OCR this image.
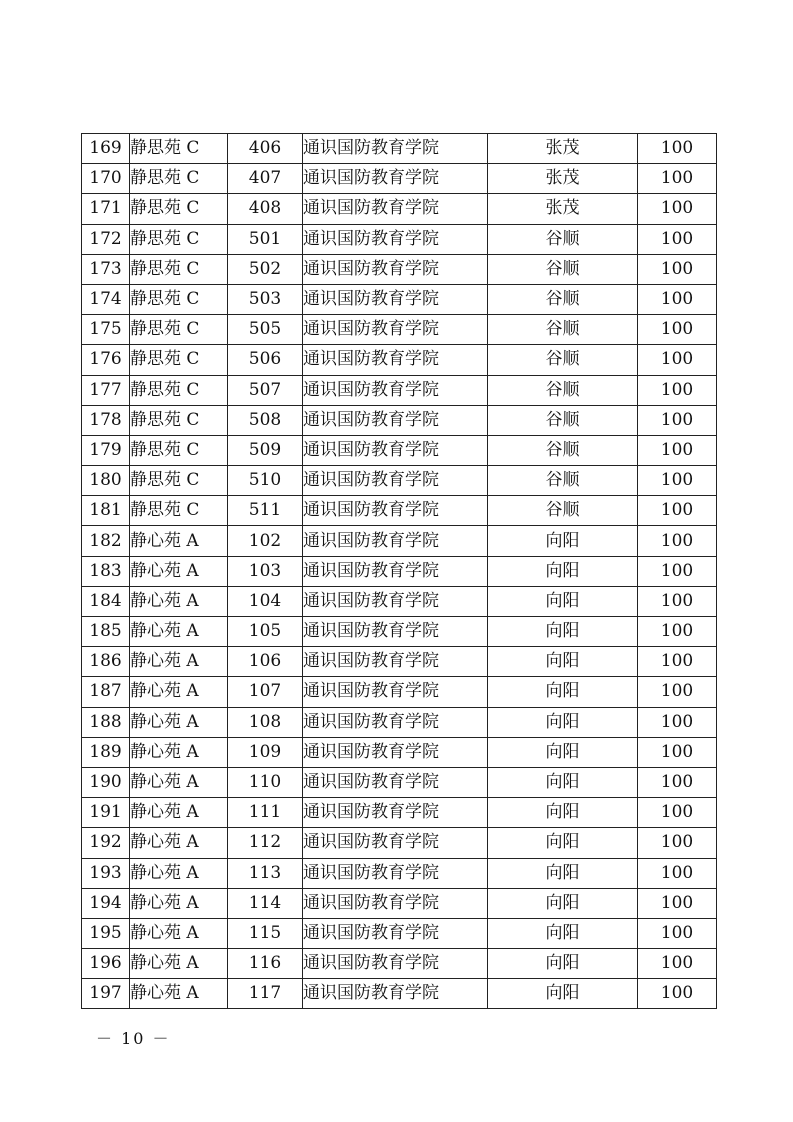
169	静思苑 C	406	通识国防教育学院	张茂	100
170	静思苑 C	407	通识国防教育学院	张茂	100
171	静思苑 C	408	通识国防教育学院	张茂	100
172	静思苑 C	501	通识国防教育学院	谷顺	100
173	静思苑 C	502	通识国防教育学院	谷顺	100
174	静思苑 C	503	通识国防教育学院	谷顺	100
175	静思苑 C	505	通识国防教育学院	谷顺	100
176	静思苑 C	506	通识国防教育学院	谷顺	100
177	静思苑 C	507	通识国防教育学院	谷顺	100
178	静思苑 C	508	通识国防教育学院	谷顺	100
179	静思苑 C	509	通识国防教育学院	谷顺	100
180	静思苑 C	510	通识国防教育学院	谷顺	100
181	静思苑 C	511	通识国防教育学院	谷顺	100
182	静心苑 A	102	通识国防教育学院	向阳	100
183	静心苑 A	103	通识国防教育学院	向阳	100
184	静心苑 A	104	通识国防教育学院	向阳	100
185	静心苑 A	105	通识国防教育学院	向阳	100
186	静心苑 A	106	通识国防教育学院	向阳	100
187	静心苑 A	107	通识国防教育学院	向阳	100
188	静心苑 A	108	通识国防教育学院	向阳	100
189	静心苑 A	109	通识国防教育学院	向阳	100
190	静心苑 A	110	通识国防教育学院	向阳	100
191	静心苑 A	111	通识国防教育学院	向阳	100
192	静心苑 A	112	通识国防教育学院	向阳	100
193	静心苑 A	113	通识国防教育学院	向阳	100
194	静心苑 A	114	通识国防教育学院	向阳	100
195	静心苑 A	115	通识国防教育学院	向阳	100
196	静心苑 A	116	通识国防教育学院	向阳	100
197	静心苑 A	117	通识国防教育学院	向阳	100
－ 10 －
